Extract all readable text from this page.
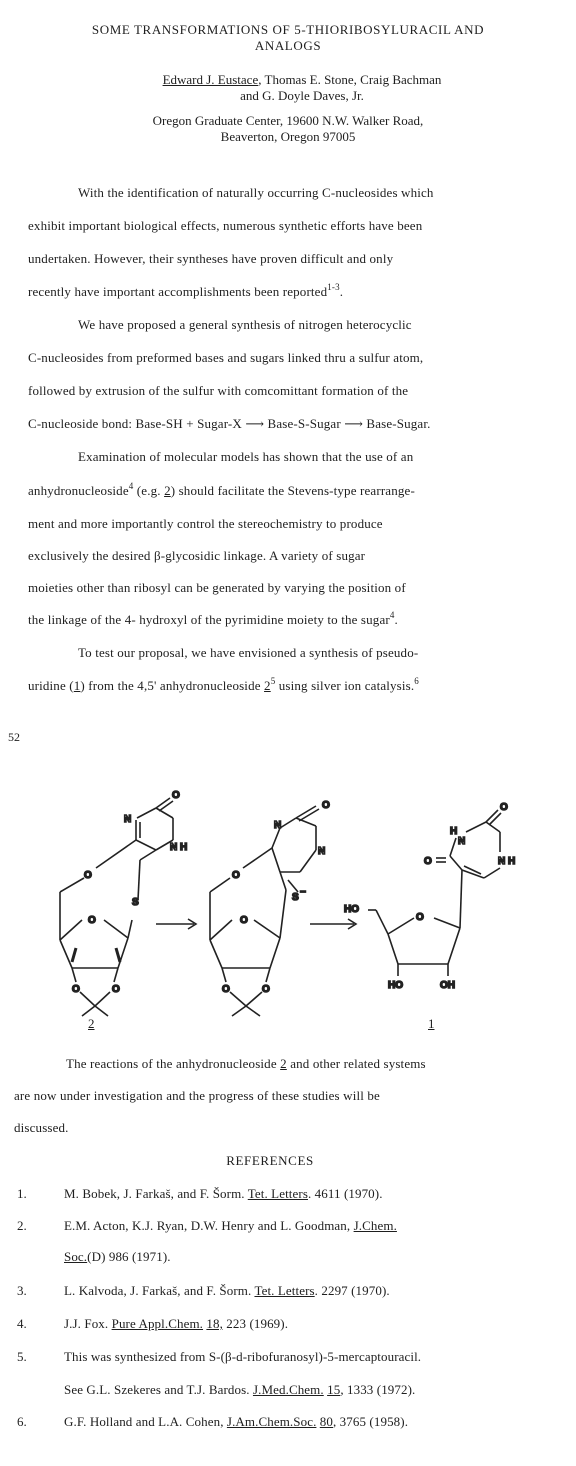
SOME TRANSFORMATIONS OF 5-THIORIBOSYLURACIL AND
ANALOGS
Edward J. Eustace, Thomas E. Stone, Craig Bachman
and G. Doyle Daves, Jr.
Oregon Graduate Center, 19600 N.W. Walker Road,
Beaverton, Oregon 97005
With the identification of naturally occurring C-nucleosides which
exhibit important biological effects, numerous synthetic efforts have been
undertaken. However, their syntheses have proven difficult and only
recently have important accomplishments been reported$^{1-3}$.
We have proposed a general synthesis of nitrogen heterocyclic
C-nucleosides from preformed bases and sugars linked thru a sulfur atom,
followed by extrusion of the sulfur with comcomittant formation of the
C-nucleoside bond: Base-SH + Sugar-X ⟶ Base-S-Sugar ⟶ Base-Sugar.
Examination of molecular models has shown that the use of an
anhydronucleoside$^4$ (e.g. 2) should facilitate the Stevens-type rearrange-
ment and more importantly control the stereochemistry to produce
exclusively the desired β-glycosidic linkage. A variety of sugar
moieties other than ribosyl can be generated by varying the position of
the linkage of the 4- hydroxyl of the pyrimidine moiety to the sugar$^4$.
To test our proposal, we have envisioned a synthesis of pseudo-
uridine (1) from the 4,5' anhydronucleoside $2^5$ using silver ion catalysis.$^6$
52
N
O
N H
O
O
S
O	O
N
O
N
O
O
S −
O	O
H
N
O
N H
O
O
HO
HO	OH
2	1
The reactions of the anhydronucleoside 2 and other related systems
are now under investigation and the progress of these studies will be
discussed.
REFERENCES
1.	M. Bobek, J. Farkaš, and F. Šorm. Tet. Letters. 4611 (1970).
2.	E.M. Acton, K.J. Ryan, D.W. Henry and L. Goodman, J.Chem.
Soc.(D) 986 (1971).
3.	L. Kalvoda, J. Farkaš, and F. Šorm. Tet. Letters. 2297 (1970).
4.	J.J. Fox. Pure Appl.Chem. 18, 223 (1969).
5.	This was synthesized from S-(β-d-ribofuranosyl)-5-mercaptouracil.
See G.L. Szekeres and T.J. Bardos. J.Med.Chem. 15, 1333 (1972).
6.	G.F. Holland and L.A. Cohen, J.Am.Chem.Soc. 80, 3765 (1958).
